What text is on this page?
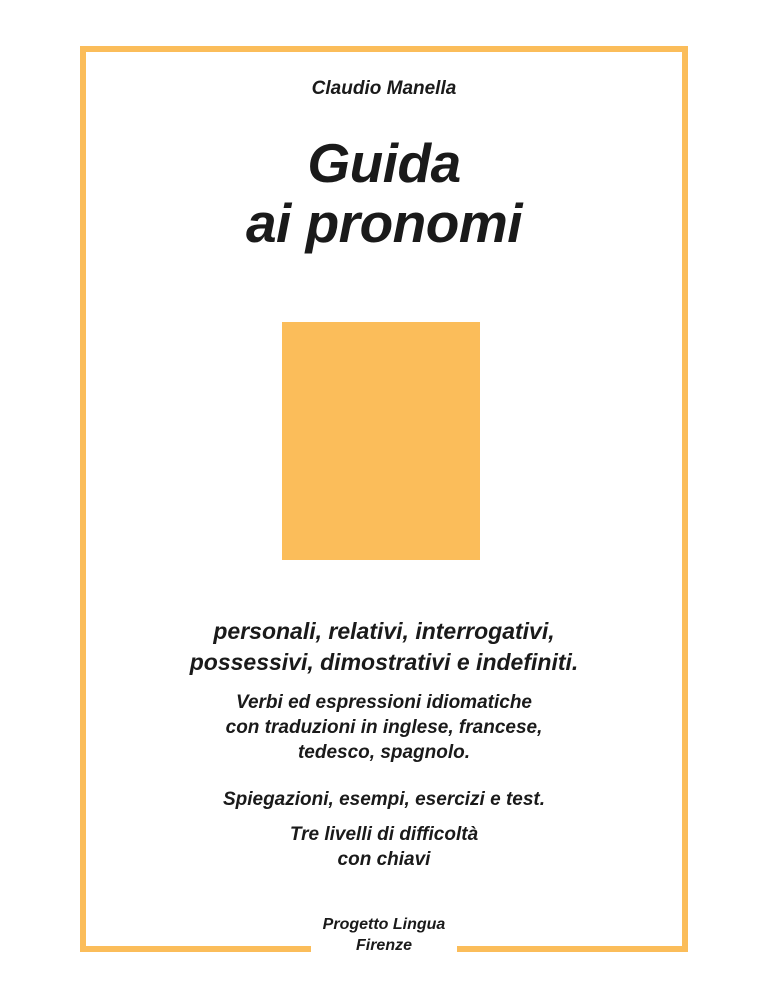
Claudio Manella

Guida
ai pronomi

personali, relativi, interrogativi,
possessivi, dimostrativi e indefiniti.

Verbi ed espressioni idiomatiche
con traduzioni in inglese, francese,
tedesco, spagnolo.

Spiegazioni, esempi, esercizi e test.

Tre livelli di difficoltà
con chiavi

Progetto Lingua
Firenze
